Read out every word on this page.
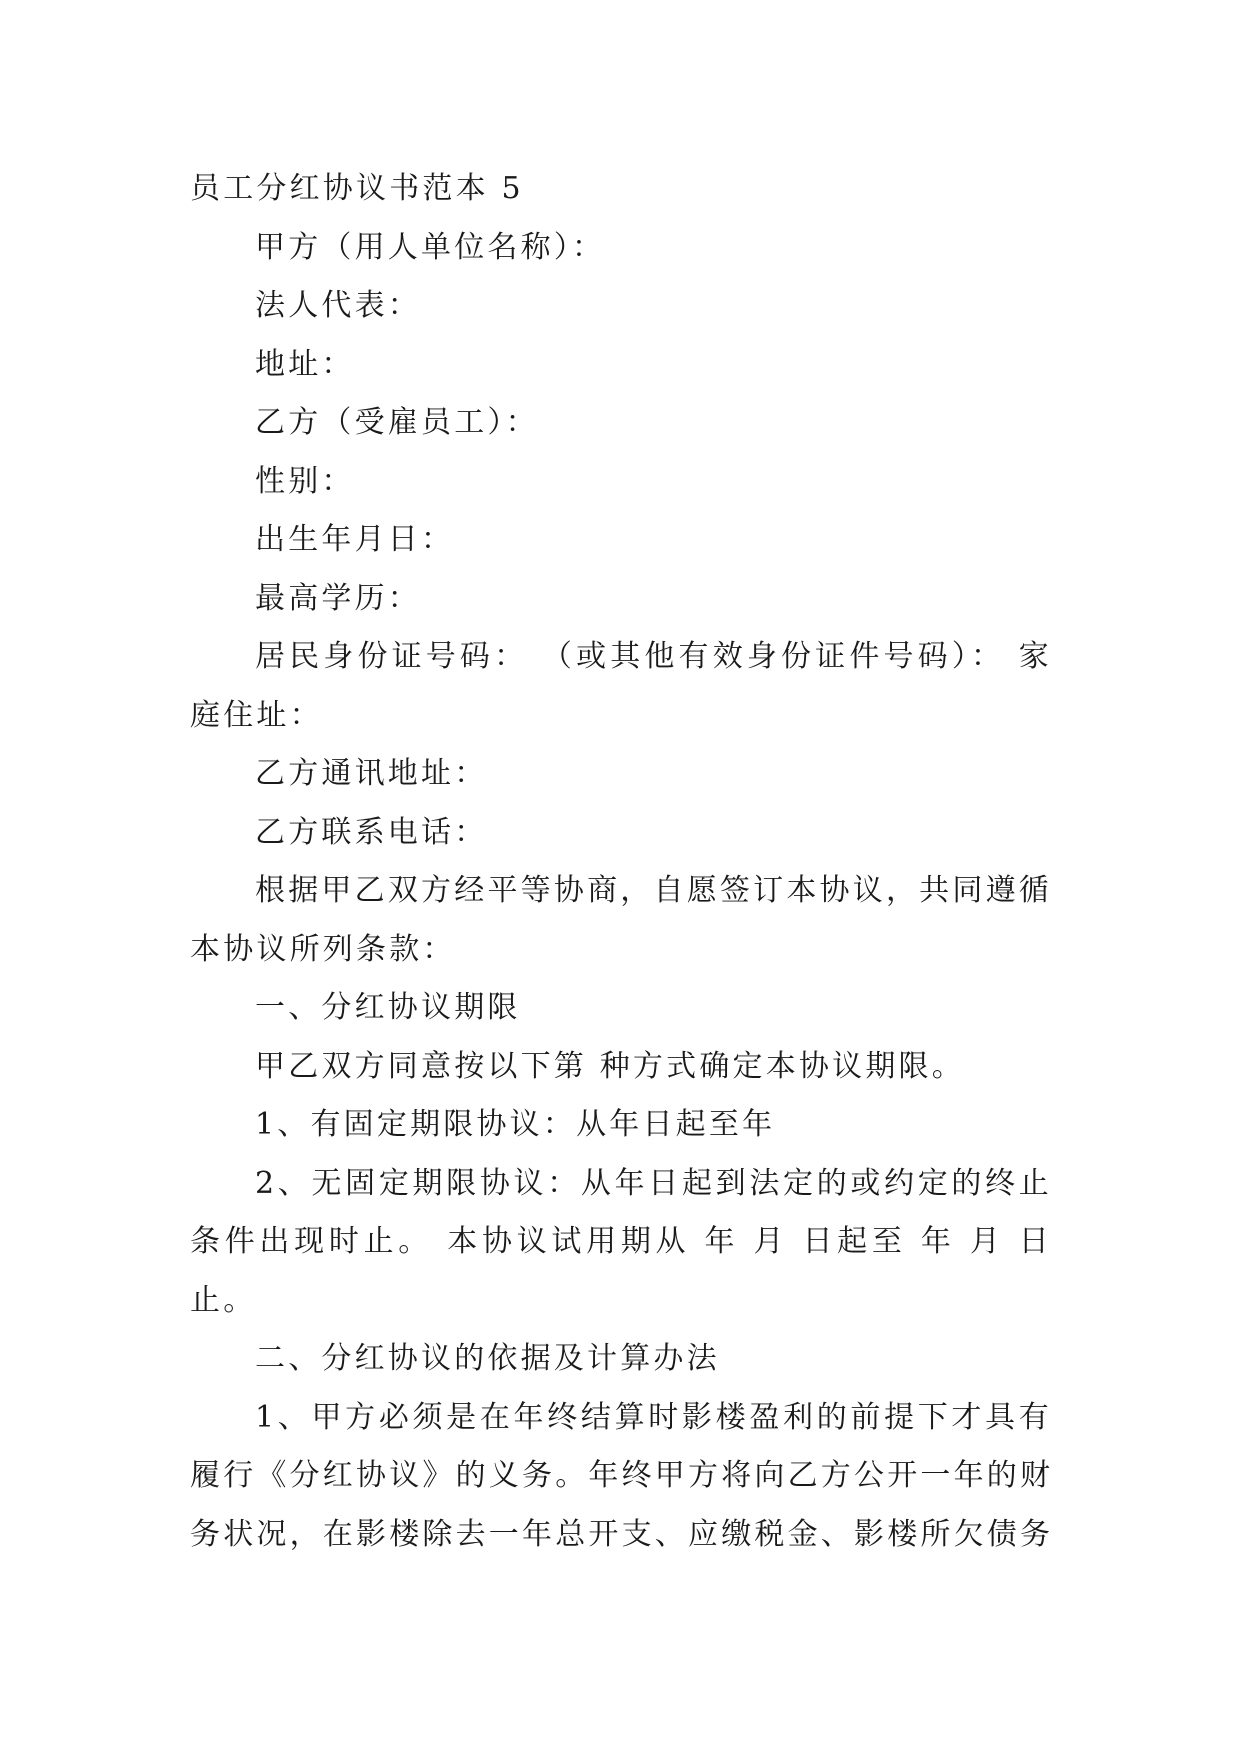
员工分红协议书范本 5
甲方（用人单位名称）：
法人代表：
地址：
乙方（受雇员工）：
性别：
出生年月日：
最高学历：
居民身份证号码： （或其他有效身份证件号码）： 家
庭住址：
乙方通讯地址：
乙方联系电话：
根据甲乙双方经平等协商，自愿签订本协议，共同遵循
本协议所列条款：
一、分红协议期限
甲乙双方同意按以下第 种方式确定本协议期限。
1、有固定期限协议：从年日起至年
2、无固定期限协议：从年日起到法定的或约定的终止
条件出现时止。 本协议试用期从 年 月 日起至 年 月 日
止。
二、分红协议的依据及计算办法
1、甲方必须是在年终结算时影楼盈利的前提下才具有
履行《分红协议》的义务。年终甲方将向乙方公开一年的财
务状况，在影楼除去一年总开支、应缴税金、影楼所欠债务
